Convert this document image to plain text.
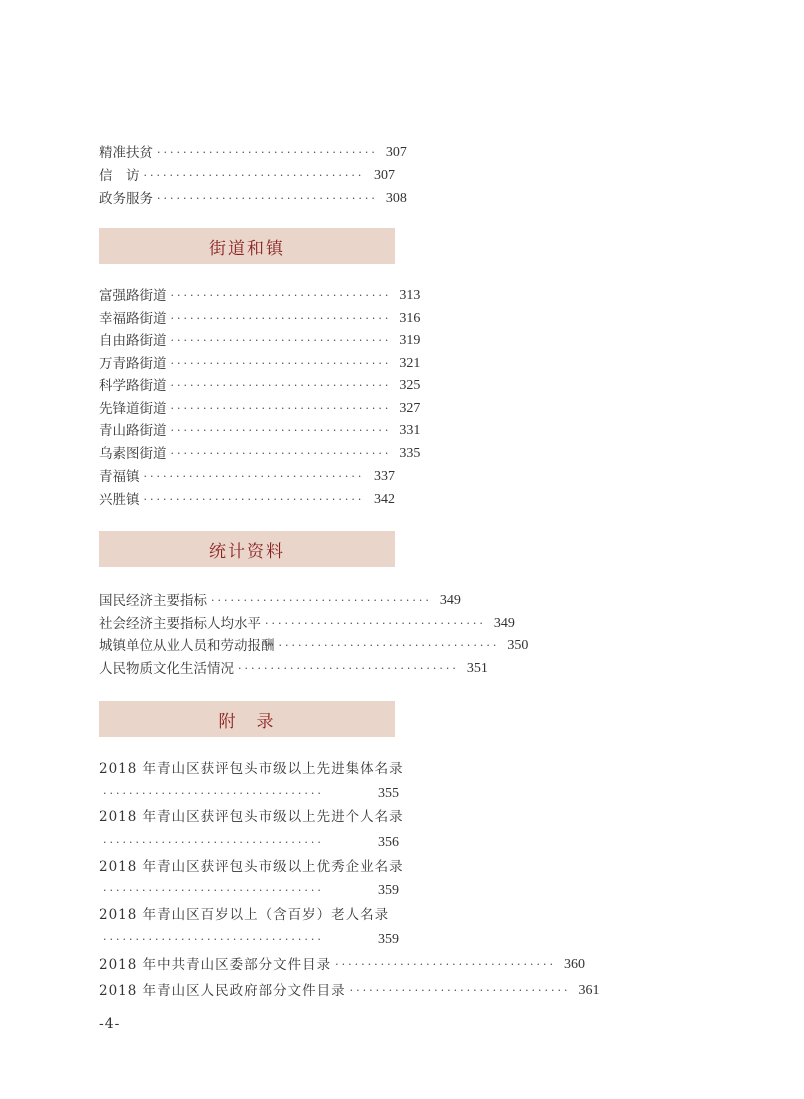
精准扶贫 ·································· 307
信　访 ·································· 307
政务服务 ·································· 308
街道和镇
富强路街道 ·································· 313
幸福路街道 ·································· 316
自由路街道 ·································· 319
万青路街道 ·································· 321
科学路街道 ·································· 325
先锋道街道 ·································· 327
青山路街道 ·································· 331
乌素图街道 ·································· 335
青福镇 ·································· 337
兴胜镇 ·································· 342
统计资料
国民经济主要指标 ·································· 349
社会经济主要指标人均水平 ·································· 349
城镇单位从业人员和劳动报酬 ·································· 350
人民物质文化生活情况 ·································· 351
附　录
2018 年青山区获评包头市级以上先进集体名录
··································	355
2018 年青山区获评包头市级以上先进个人名录
··································	356
2018 年青山区获评包头市级以上优秀企业名录
··································	359
2018 年青山区百岁以上（含百岁）老人名录
··································	359
2018 年中共青山区委部分文件目录 ·································· 360
2018 年青山区人民政府部分文件目录 ·································· 361
-4-
